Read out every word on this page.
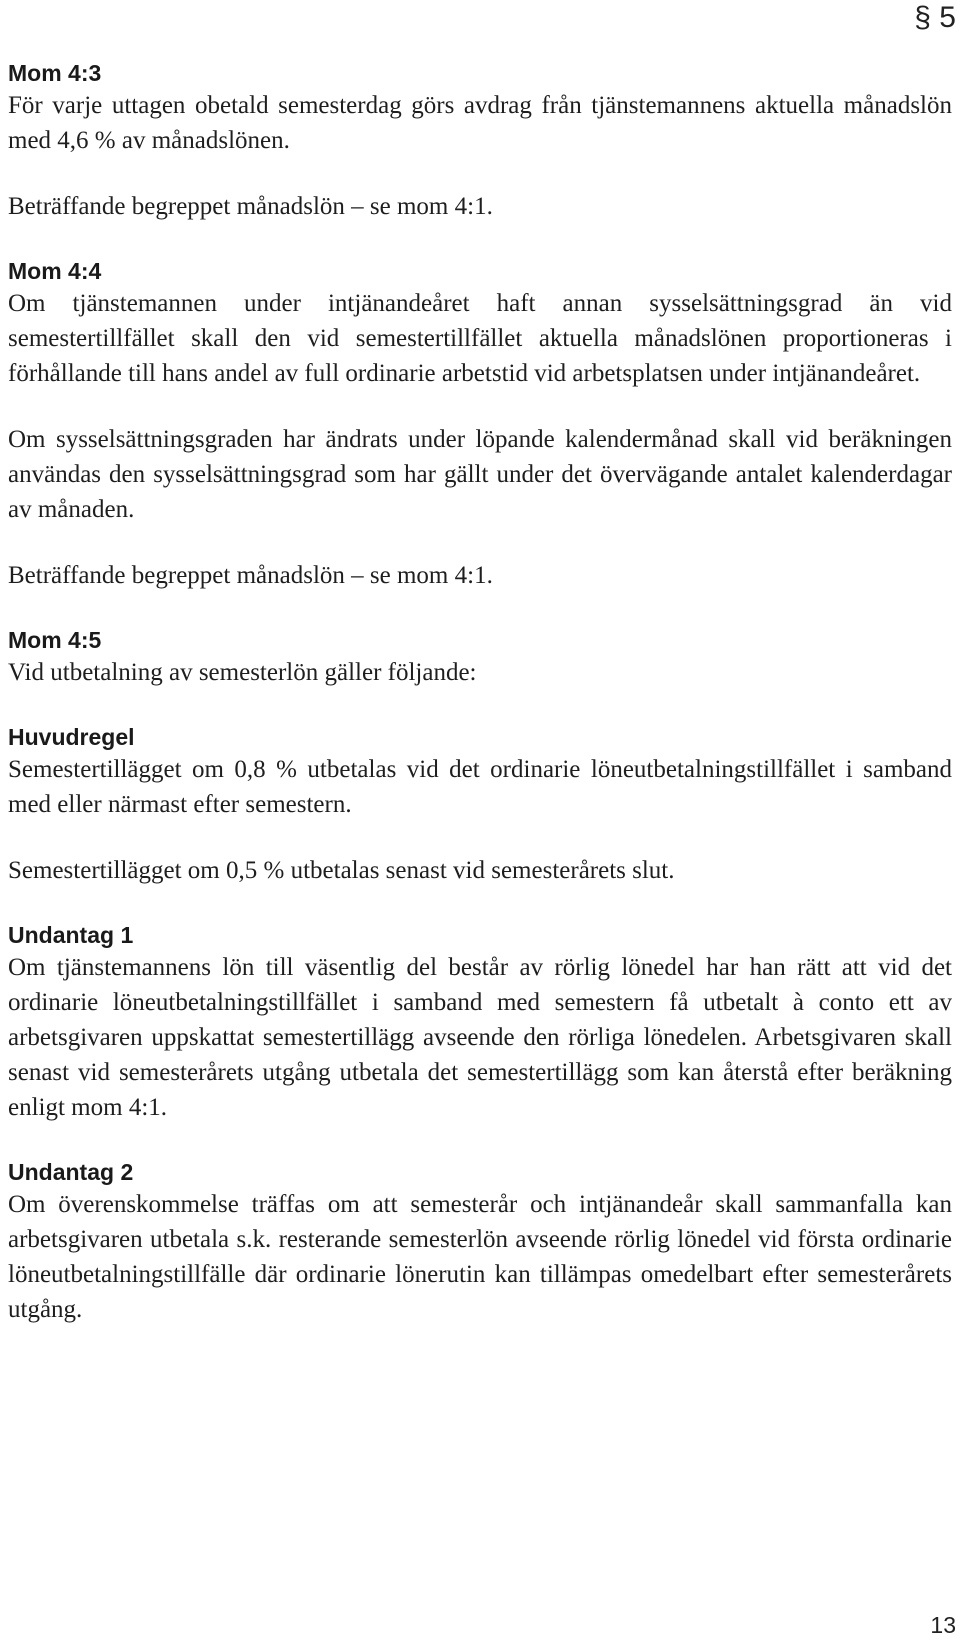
§ 5
Mom 4:3

För varje uttagen obetald semesterdag görs avdrag från tjänstemannens aktuella månadslön med 4,6 % av månadslönen.

Beträffande begreppet månadslön – se mom 4:1.

Mom 4:4

Om tjänstemannen under intjänandeåret haft annan sysselsättningsgrad än vid semestertillfället skall den vid semestertillfället aktuella månadslönen proportioneras i förhållande till hans andel av full ordinarie arbetstid vid arbetsplatsen under intjänandeåret.

Om sysselsättningsgraden har ändrats under löpande kalendermånad skall vid beräkningen användas den sysselsättningsgrad som har gällt under det övervägande antalet kalenderdagar av månaden.

Beträffande begreppet månadslön – se mom 4:1.

Mom 4:5

Vid utbetalning av semesterlön gäller följande:

Huvudregel

Semestertillägget om 0,8 % utbetalas vid det ordinarie löneutbetalningstillfället i samband med eller närmast efter semestern.

Semestertillägget om 0,5 % utbetalas senast vid semesterårets slut.

Undantag 1

Om tjänstemannens lön till väsentlig del består av rörlig lönedel har han rätt att vid det ordinarie löneutbetalningstillfället i samband med semestern få utbetalt à conto ett av arbetsgivaren uppskattat semestertillägg avseende den rörliga lönedelen. Arbetsgivaren skall senast vid semesterårets utgång utbetala det semestertillägg som kan återstå efter beräkning enligt mom 4:1.

Undantag 2

Om överenskommelse träffas om att semesterår och intjänandeår skall sammanfalla kan arbetsgivaren utbetala s.k. resterande semesterlön avseende rörlig lönedel vid första ordinarie löneutbetalningstillfälle där ordinarie lönerutin kan tillämpas omedelbart efter semesterårets utgång.

13
